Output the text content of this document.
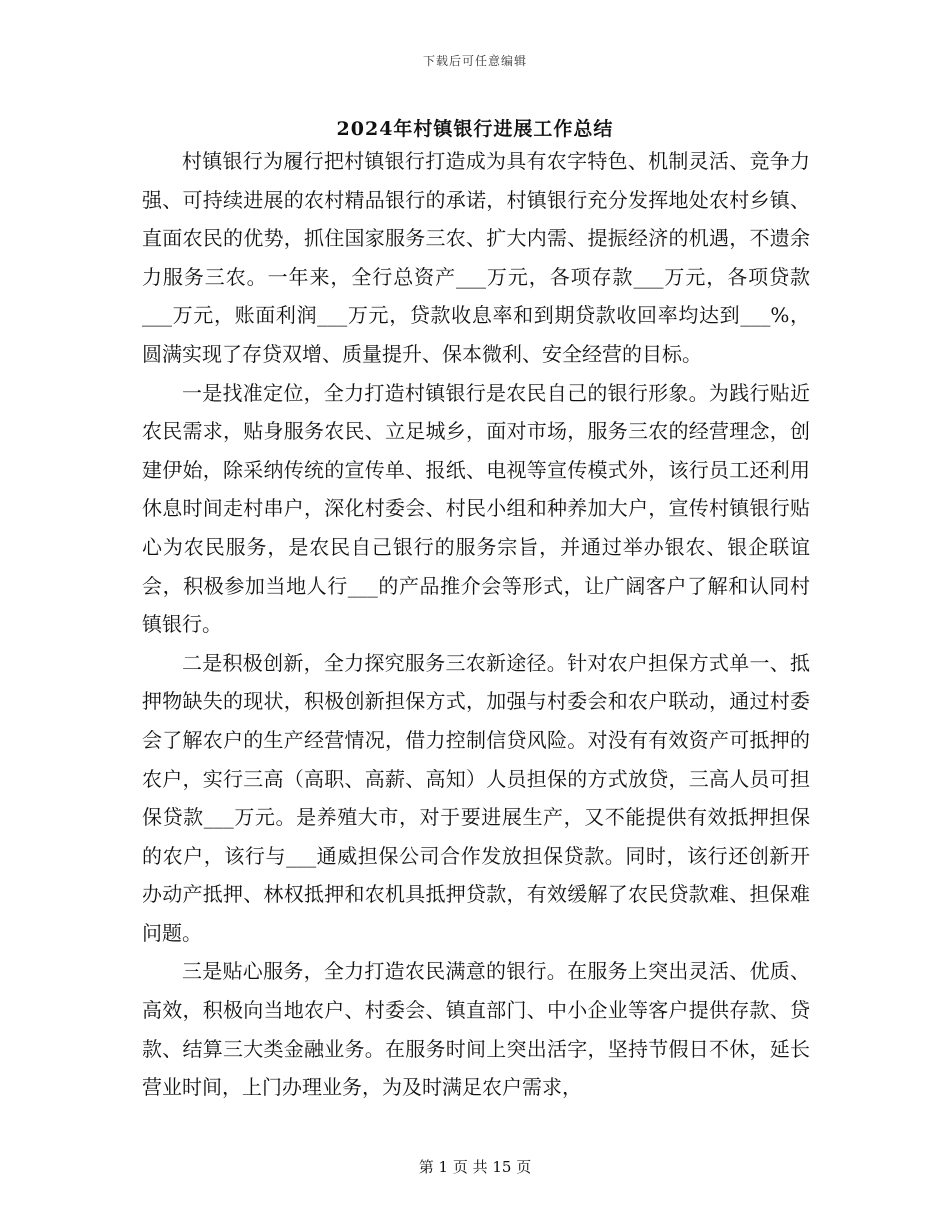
下载后可任意编辑
2024年村镇银行进展工作总结

村镇银行为履行把村镇银行打造成为具有农字特色、机制灵活、竞争力强、可持续进展的农村精品银行的承诺，村镇银行充分发挥地处农村乡镇、直面农民的优势，抓住国家服务三农、扩大内需、提振经济的机遇，不遗余力服务三农。一年来，全行总资产___万元，各项存款___万元，各项贷款___万元，账面利润___万元，贷款收息率和到期贷款收回率均达到___%，圆满实现了存贷双增、质量提升、保本微利、安全经营的目标。

一是找准定位，全力打造村镇银行是农民自己的银行形象。为践行贴近农民需求，贴身服务农民、立足城乡，面对市场，服务三农的经营理念，创建伊始，除采纳传统的宣传单、报纸、电视等宣传模式外，该行员工还利用休息时间走村串户，深化村委会、村民小组和种养加大户，宣传村镇银行贴心为农民服务，是农民自己银行的服务宗旨，并通过举办银农、银企联谊会，积极参加当地人行___的产品推介会等形式，让广阔客户了解和认同村镇银行。

二是积极创新，全力探究服务三农新途径。针对农户担保方式单一、抵押物缺失的现状，积极创新担保方式，加强与村委会和农户联动，通过村委会了解农户的生产经营情况，借力控制信贷风险。对没有有效资产可抵押的农户，实行三高（高职、高薪、高知）人员担保的方式放贷，三高人员可担保贷款___万元。是养殖大市，对于要进展生产，又不能提供有效抵押担保的农户，该行与___通威担保公司合作发放担保贷款。同时，该行还创新开办动产抵押、林权抵押和农机具抵押贷款，有效缓解了农民贷款难、担保难问题。

三是贴心服务，全力打造农民满意的银行。在服务上突出灵活、优质、高效，积极向当地农户、村委会、镇直部门、中小企业等客户提供存款、贷款、结算三大类金融业务。在服务时间上突出活字，坚持节假日不休，延长营业时间，上门办理业务，为及时满足农户需求，

第 1 页 共 15 页
